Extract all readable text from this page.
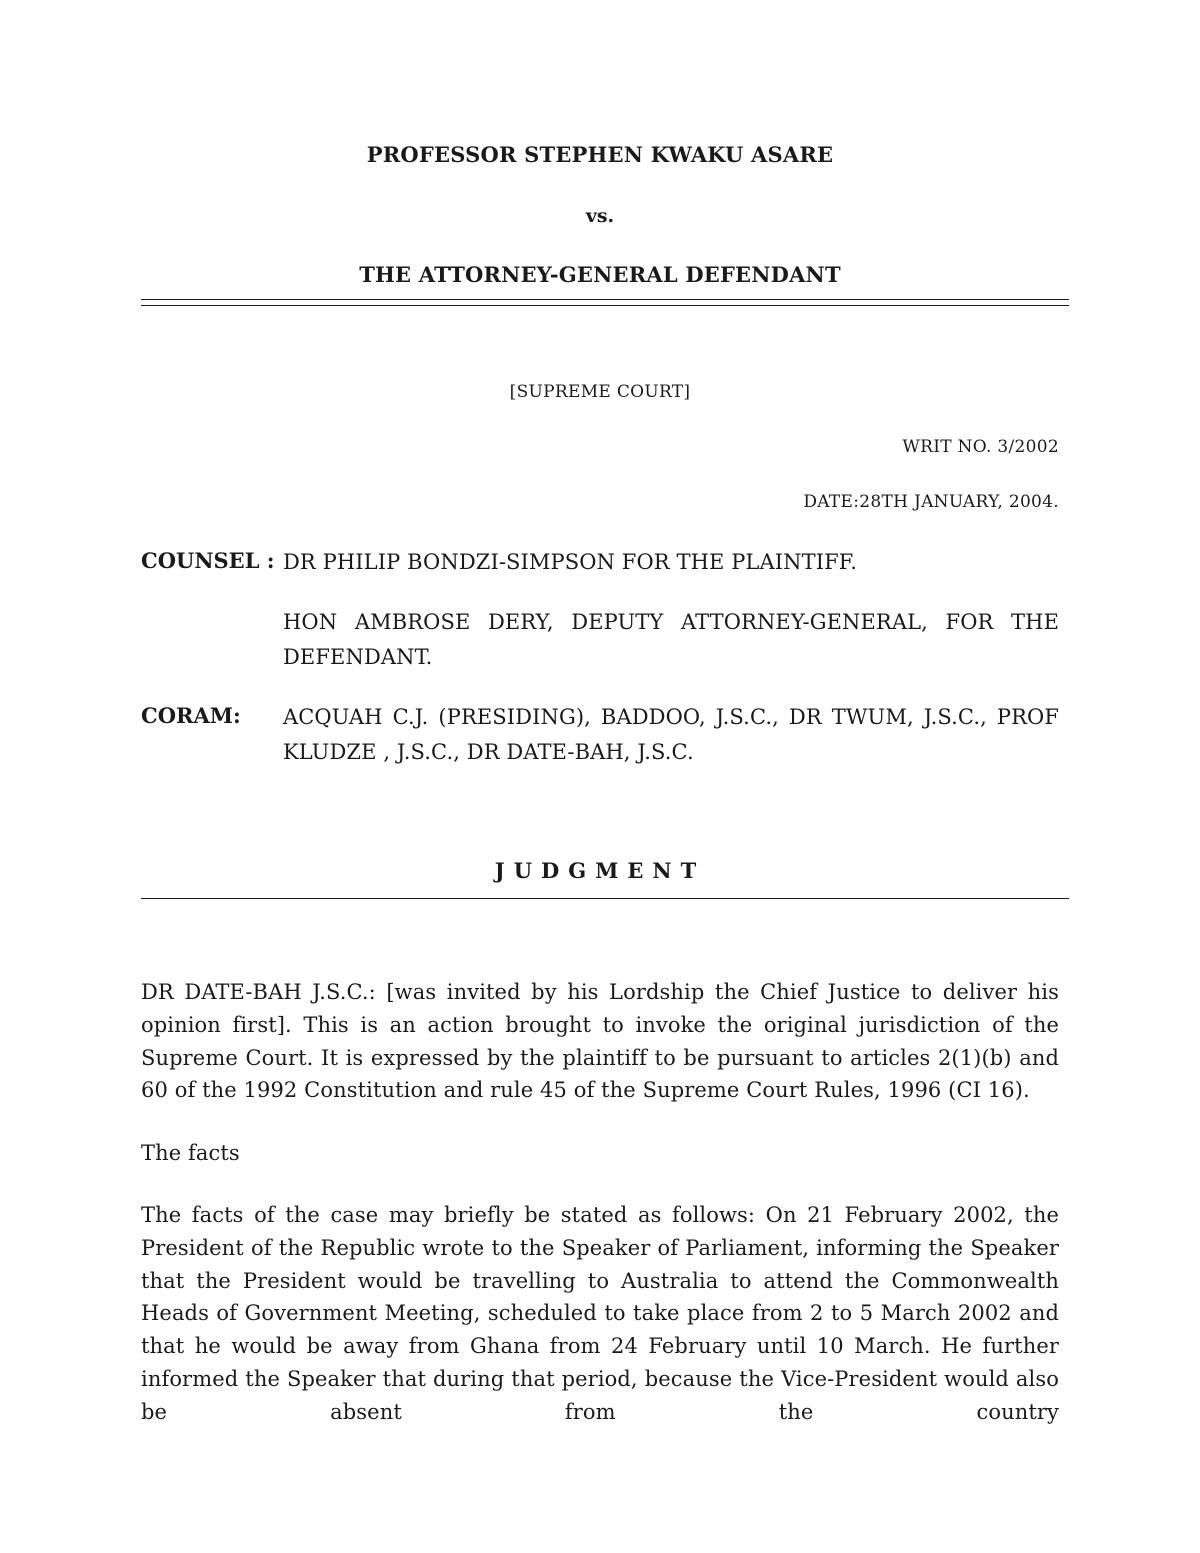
PROFESSOR STEPHEN KWAKU ASARE
vs.
THE ATTORNEY-GENERAL DEFENDANT
[SUPREME COURT]
WRIT NO. 3/2002
DATE:28TH JANUARY, 2004.
COUNSEL : DR PHILIP BONDZI-SIMPSON FOR THE PLAINTIFF.
HON AMBROSE DERY, DEPUTY ATTORNEY-GENERAL, FOR THE DEFENDANT.
CORAM: ACQUAH C.J. (PRESIDING), BADDOO, J.S.C., DR TWUM, J.S.C., PROF KLUDZE , J.S.C., DR DATE-BAH, J.S.C.
JUDGMENT
DR DATE-BAH J.S.C.: [was invited by his Lordship the Chief Justice to deliver his opinion first]. This is an action brought to invoke the original jurisdiction of the Supreme Court. It is expressed by the plaintiff to be pursuant to articles 2(1)(b) and 60 of the 1992 Constitution and rule 45 of the Supreme Court Rules, 1996 (CI 16).
The facts
The facts of the case may briefly be stated as follows: On 21 February 2002, the President of the Republic wrote to the Speaker of Parliament, informing the Speaker that the President would be travelling to Australia to attend the Commonwealth Heads of Government Meeting, scheduled to take place from 2 to 5 March 2002 and that he would be away from Ghana from 24 February until 10 March. He further informed the Speaker that during that period, because the Vice-President would also be absent from the country
